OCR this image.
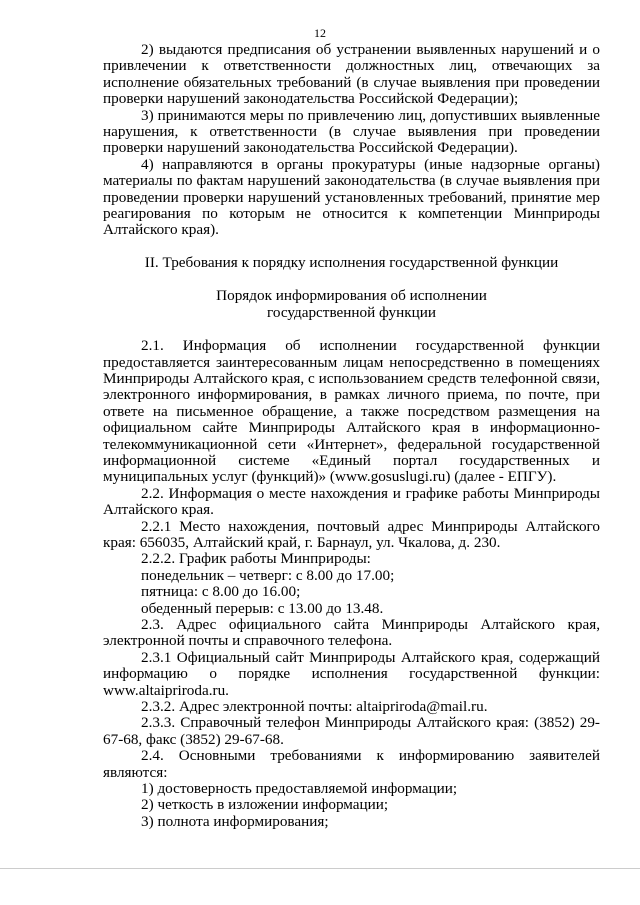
12

2) выдаются предписания об устранении выявленных нарушений и о привлечении к ответственности должностных лиц, отвечающих за исполнение обязательных требований (в случае выявления при проведении проверки нарушений законодательства Российской Федерации);

3) принимаются меры по привлечению лиц, допустивших выявленные нарушения, к ответственности (в случае выявления при проведении проверки нарушений законодательства Российской Федерации).

4) направляются в органы прокуратуры (иные надзорные органы) материалы по фактам нарушений законодательства (в случае выявления при проведении проверки нарушений установленных требований, принятие мер реагирования по которым не относится к компетенции Минприроды Алтайского края).

II. Требования к порядку исполнения государственной функции

Порядок информирования об исполнении

государственной функции

2.1. Информация об исполнении государственной функции предоставляется заинтересованным лицам непосредственно в помещениях Минприроды Алтайского края, с использованием средств телефонной связи, электронного информирования, в рамках личного приема, по почте, при ответе на письменное обращение, а также посредством размещения на официальном сайте Минприроды Алтайского края в информационно-телекоммуникационной сети «Интернет», федеральной государственной информационной системе «Единый портал государственных и муниципальных услуг (функций)» (www.gosuslugi.ru) (далее - ЕПГУ).

2.2. Информация о месте нахождения и графике работы Минприроды Алтайского края.

2.2.1 Место нахождения, почтовый адрес Минприроды Алтайского края: 656035, Алтайский край, г. Барнаул, ул. Чкалова, д. 230.

2.2.2. График работы Минприроды:

понедельник – четверг: с 8.00 до 17.00;

пятница: с 8.00 до 16.00;

обеденный перерыв: с 13.00 до 13.48.

2.3. Адрес официального сайта Минприроды Алтайского края, электронной почты и справочного телефона.

2.3.1 Официальный сайт Минприроды Алтайского края, содержащий информацию о порядке исполнения государственной функции: www.altaipriroda.ru.

2.3.2. Адрес электронной почты: altaipriroda@mail.ru.

2.3.3. Справочный телефон Минприроды Алтайского края: (3852) 29-67-68, факс (3852) 29-67-68.

2.4. Основными требованиями к информированию заявителей являются:

1) достоверность предоставляемой информации;

2) четкость в изложении информации;

3) полнота информирования;
